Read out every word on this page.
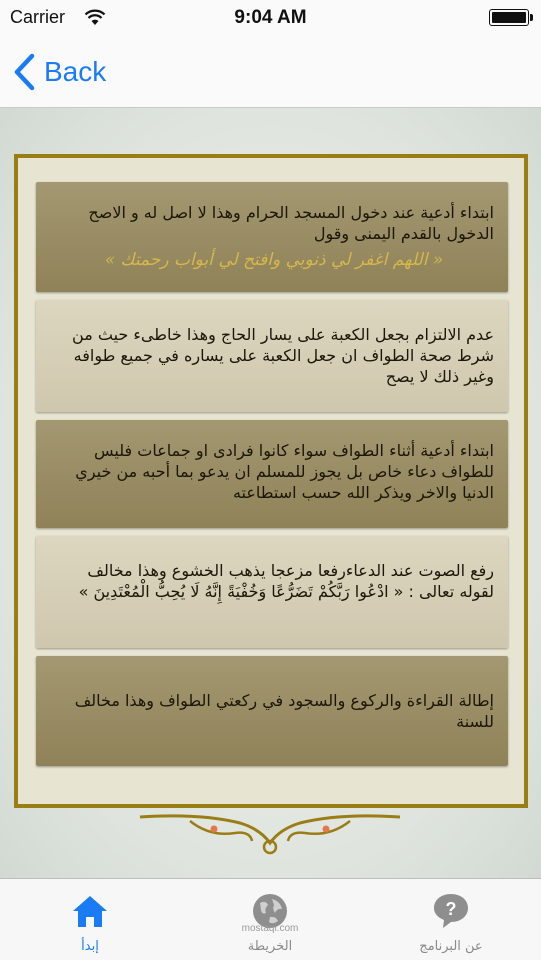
Carrier	9:04 AM
Back
ابتداء أدعية عند دخول المسجد الحرام وهذا لا اصل له و الاصح الدخول بالقدم اليمنى وقول
« اللهم اغفر لي ذنوبي وافتح لي أبواب رحمتك »
عدم الالتزام بجعل الكعبة على يسار الحاج وهذا خاطىء حيث من شرط صحة الطواف ان جعل الكعبة على يساره في جميع طوافه وغير ذلك لا يصح
ابتداء أدعية أثناء الطواف سواء كانوا فرادى او جماعات فليس للطواف دعاء خاص بل يجوز للمسلم ان يدعو بما أحبه من خيري الدنيا والاخر ويذكر الله حسب استطاعته
رفع الصوت عند الدعاءرفعا مزعجا يذهب الخشوع وهذا مخالف لقوله تعالى : « ادْعُوا رَبَّكُمْ تَضَرُّعًا وَخُفْيَةً إِنَّهُ لَا يُحِبُّ الْمُعْتَدِينَ »
إطالة القراءة والركوع والسجود في ركعتي الطواف وهذا مخالف للسنة
إبدأ
mostaql.com
الخريطة
?
عن البرنامج
